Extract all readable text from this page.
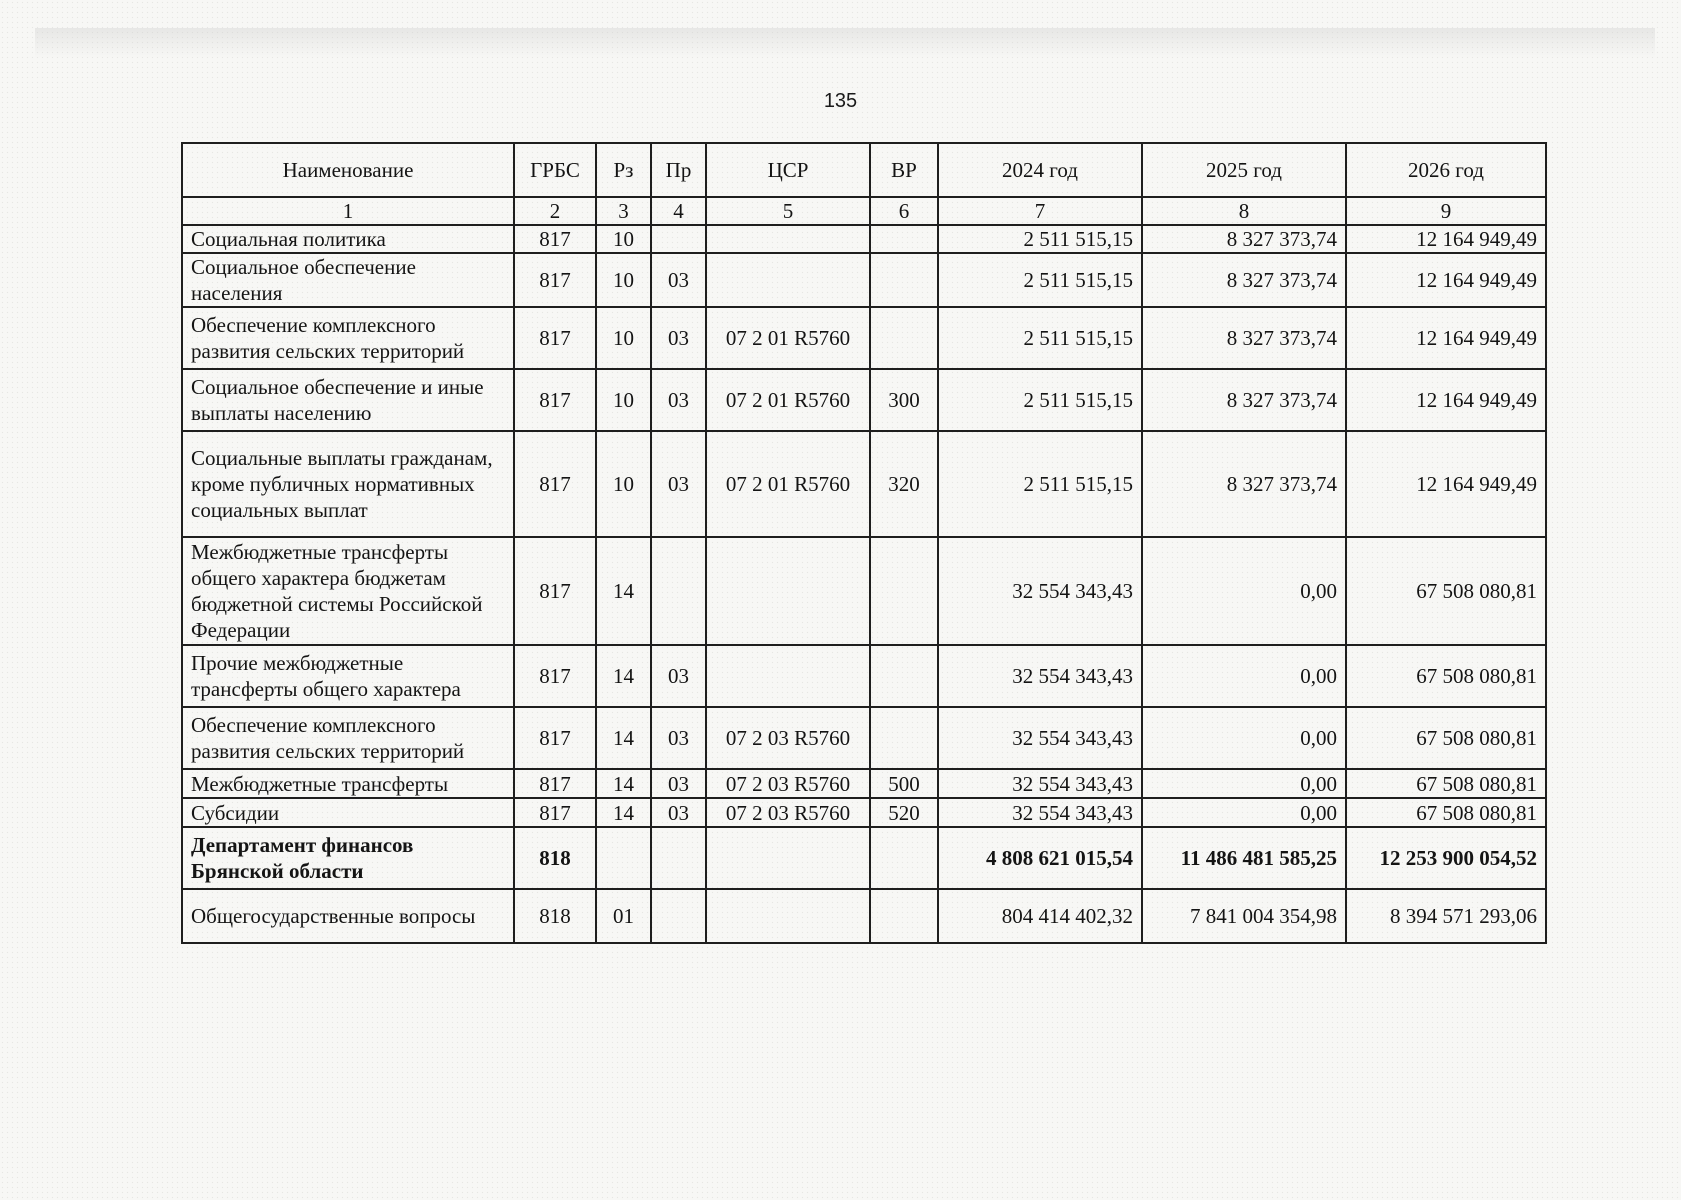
135
Наименование	ГРБС	Рз	Пр	ЦСР	ВР	2024 год	2025 год	2026 год
1	2	3	4	5	6	7	8	9
Социальная политика	817	10				2 511 515,15	8 327 373,74	12 164 949,49
Социальное обеспечение населения	817	10	03			2 511 515,15	8 327 373,74	12 164 949,49
Обеспечение комплексного развития сельских территорий	817	10	03	07 2 01 R5760		2 511 515,15	8 327 373,74	12 164 949,49
Социальное обеспечение и иные выплаты населению	817	10	03	07 2 01 R5760	300	2 511 515,15	8 327 373,74	12 164 949,49
Социальные выплаты гражданам, кроме публичных нормативных социальных выплат	817	10	03	07 2 01 R5760	320	2 511 515,15	8 327 373,74	12 164 949,49
Межбюджетные трансферты общего характера бюджетам бюджетной системы Российской Федерации	817	14				32 554 343,43	0,00	67 508 080,81
Прочие межбюджетные трансферты общего характера	817	14	03			32 554 343,43	0,00	67 508 080,81
Обеспечение комплексного развития сельских территорий	817	14	03	07 2 03 R5760		32 554 343,43	0,00	67 508 080,81
Межбюджетные трансферты	817	14	03	07 2 03 R5760	500	32 554 343,43	0,00	67 508 080,81
Субсидии	817	14	03	07 2 03 R5760	520	32 554 343,43	0,00	67 508 080,81
Департамент финансов Брянской области	818					4 808 621 015,54	11 486 481 585,25	12 253 900 054,52
Общегосударственные вопросы	818	01				804 414 402,32	7 841 004 354,98	8 394 571 293,06
